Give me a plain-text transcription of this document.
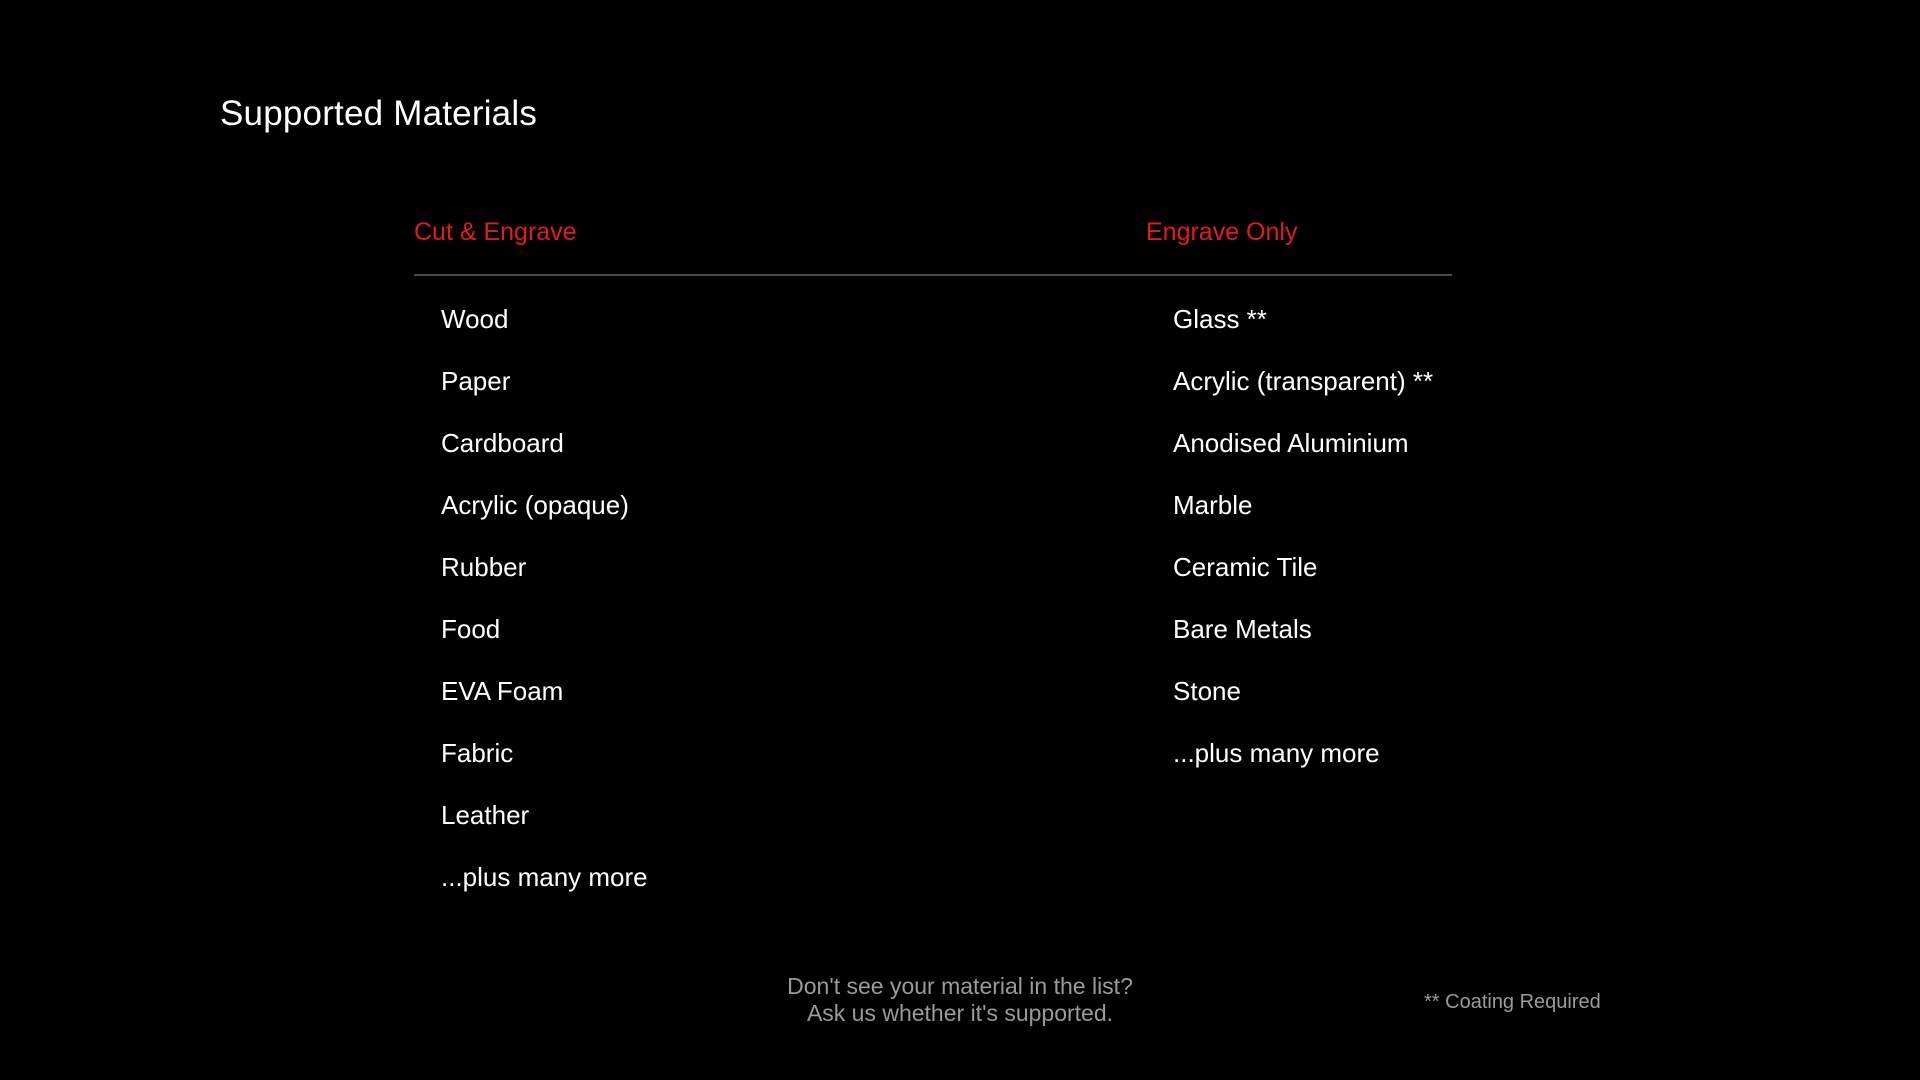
Supported Materials
Cut & Engrave	Engrave Only
Wood
Paper
Cardboard
Acrylic (opaque)
Rubber
Food
EVA Foam
Fabric
Leather
...plus many more
Glass **
Acrylic (transparent) **
Anodised Aluminium
Marble
Ceramic Tile
Bare Metals
Stone
...plus many more
Don't see your material in the list?
Ask us whether it's supported.	** Coating Required
